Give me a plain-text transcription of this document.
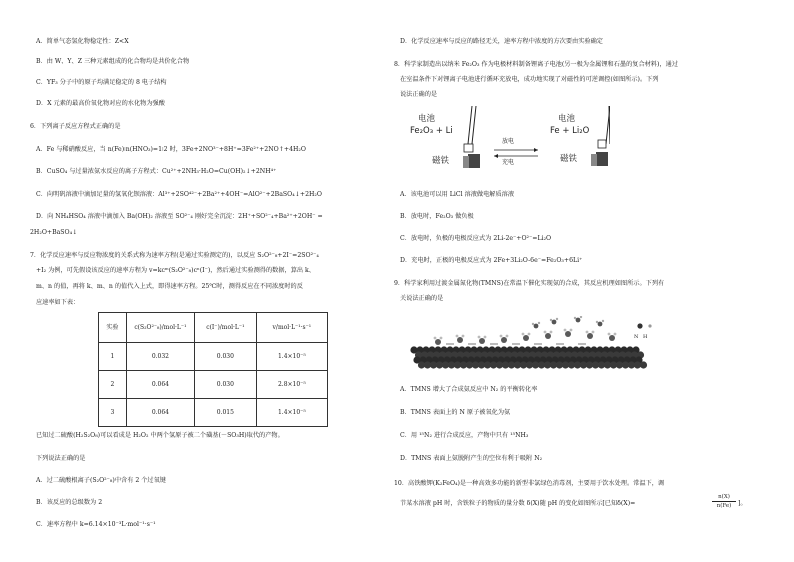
A．简单气态氢化物稳定性：Z<X
B．由 W、Y、Z 三种元素组成的化合物均是共价化合物
C．YF₃ 分子中的原子均满足稳定的 8 电子结构
D．X 元素的最高价氧化物对应的水化物为强酸
6．下列离子反应方程式正确的是
A．Fe 与稀硝酸反应，当 n(Fe)∶n(HNO₃)=1∶2 时，3Fe+2NO³⁻+8H⁺=3Fe²⁺+2NO↑+4H₂O
B．CuSO₄ 与过量浓氨水反应的离子方程式：Cu²⁺+2NH₃·H₂O=Cu(OH)₂↓+2NH⁴⁺
C．向明矾溶液中滴加足量的氢氧化钡溶液：Al³⁺+2SO⁴²⁻+2Ba²⁺+4OH⁻=AlO²⁻+2BaSO₄↓+2H₂O
D．向 NH₄HSO₄ 溶液中滴加入 Ba(OH)₂ 溶液至 SO²⁻₄ 刚好完全沉淀：2H⁺+SO²⁻₄+Ba²⁺+2OH⁻ =
2H₂O+BaSO₄↓
7．化学反应速率与反应物浓度的关系式称为速率方程(是通过实验测定的)，以反应 S₂O²⁻₈+2I⁻=2SO²⁻₄
+I₂ 为例，可先假设该反应的速率方程为 v=kcᵐ(S₂O²⁻₈)cⁿ(I⁻)，然后通过实验测得的数据，算出 k、
m、n 的值，再将 k、m、n 的值代入上式，即得速率方程。25℃时，测得反应在不同浓度时的反
应速率如下表：
实验	c(S₂O²⁻₈)/mol·L⁻¹	c(I⁻)/mol·L⁻¹	v/mol·L⁻¹·s⁻¹
1	0.032	0.030	1.4×10⁻⁵
2	0.064	0.030	2.8×10⁻⁵
3	0.064	0.015	1.4×10⁻⁵
已知过二硫酸(H₂S₂O₈)可以看成是 H₂O₂ 中两个氢原子被二个磺基(－SO₃H)取代的产物。
下列说法正确的是
A．过二硫酸根离子(S₂O²⁻₈)中含有 2 个过氧键
B．该反应的总级数为 2
C．速率方程中 k=6.14×10⁻³L·mol⁻¹·s⁻¹
D．化学反应速率与反应的路径无关，速率方程中浓度的方次要由实验确定
8．科学家制造出以纳米 Fe₂O₃ 作为电极材料制备锂离子电池(另一极为金属锂和石墨的复合材料)，通过
在室温条件下对锂离子电池进行循环充放电，成功地实现了对磁性的可逆调控(如图所示)。下列
说法正确的是
电池
Fe₂O₃ + Li
电池
Fe + Li₂O
放电
充电
磁铁	磁铁
A．该电池可以用 LiCl 溶液做电解质溶液
B．放电时，Fe₂O₃ 做负极
C．放电时，负极的电极反应式为 2Li-2e⁻+O²⁻=Li₂O
D．充电时，正极的电极反应式为 2Fe+3Li₂O-6e⁻=Fe₂O₃+6Li⁺
9．科学家利用过渡金属氮化物(TMNS)在常温下催化实现氨的合成，其反应机理如图所示。下列有
关说法正确的是
N H
A．TMNS 增大了合成氨反应中 N₂ 的平衡转化率
B．TMNS 表面上的 N 原子被氧化为氨
C．用 ¹⁵N₂ 进行合成反应，产物中只有 ¹⁵NH₃
D．TMNS 表面上氨脱附产生的空位有利于吸附 N₂
10．高铁酸钾(K₂FeO₄)是一种高效多功能的新型非氯绿色消毒剂，主要用于饮水处理。常温下，调
节某水溶液 pH 时，含铁粒子的物质的量分数 δ(X)随 pH 的变化如图所示[已知δ(X)=
n(X)
n(Fe)	]。
